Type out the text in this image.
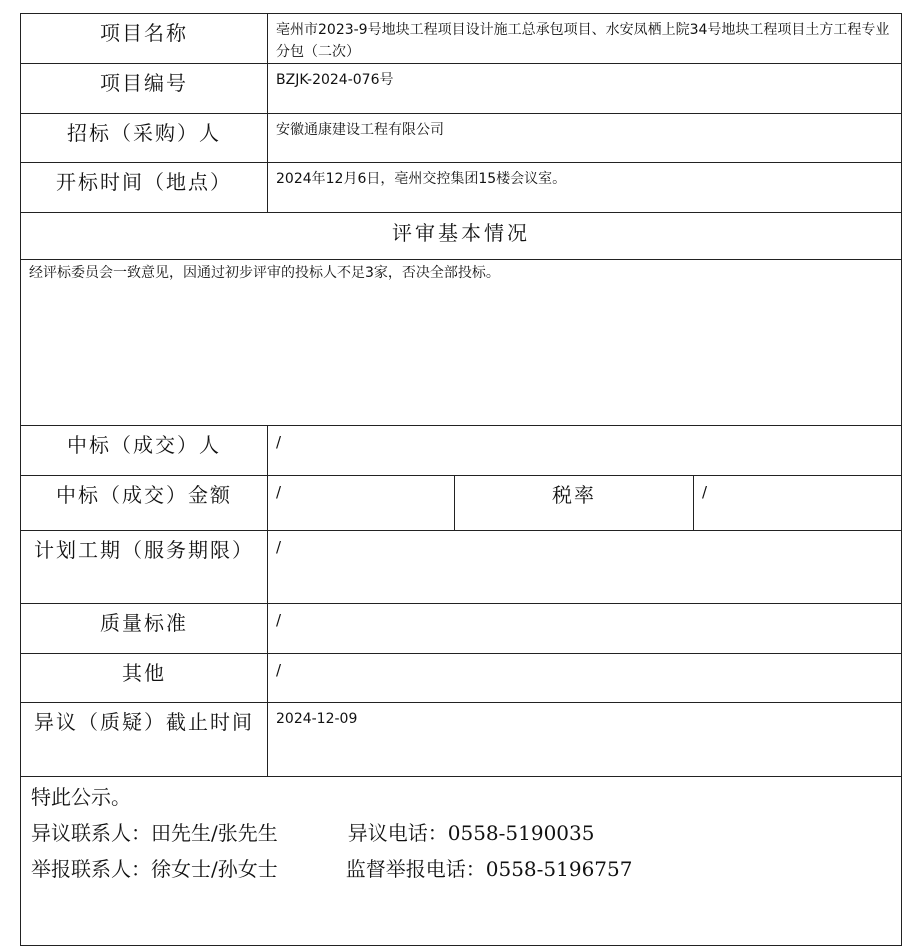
项目名称	亳州市2023-9号地块工程项目设计施工总承包项目、水安凤栖上院34号地块工程项目土方工程专业分包（二次）		
项目编号	BZJK-2024-076号		
招标（采购）人	安徽通康建设工程有限公司		
开标时间（地点）	2024年12月6日，亳州交控集团15楼会议室。		
评审基本情况			
经评标委员会一致意见，因通过初步评审的投标人不足3家，否决全部投标。			
中标（成交）人	/		
中标（成交）金额	/	税率	/
计划工期（服务期限）	/		
质量标准	/		
其他	/		
异议（质疑）截止时间	2024-12-09		

特此公示。
异议联系人：田先生/张先生 异议电话：0558-5190035
举报联系人：徐女士/孙女士 监督举报电话：0558-5196757			
